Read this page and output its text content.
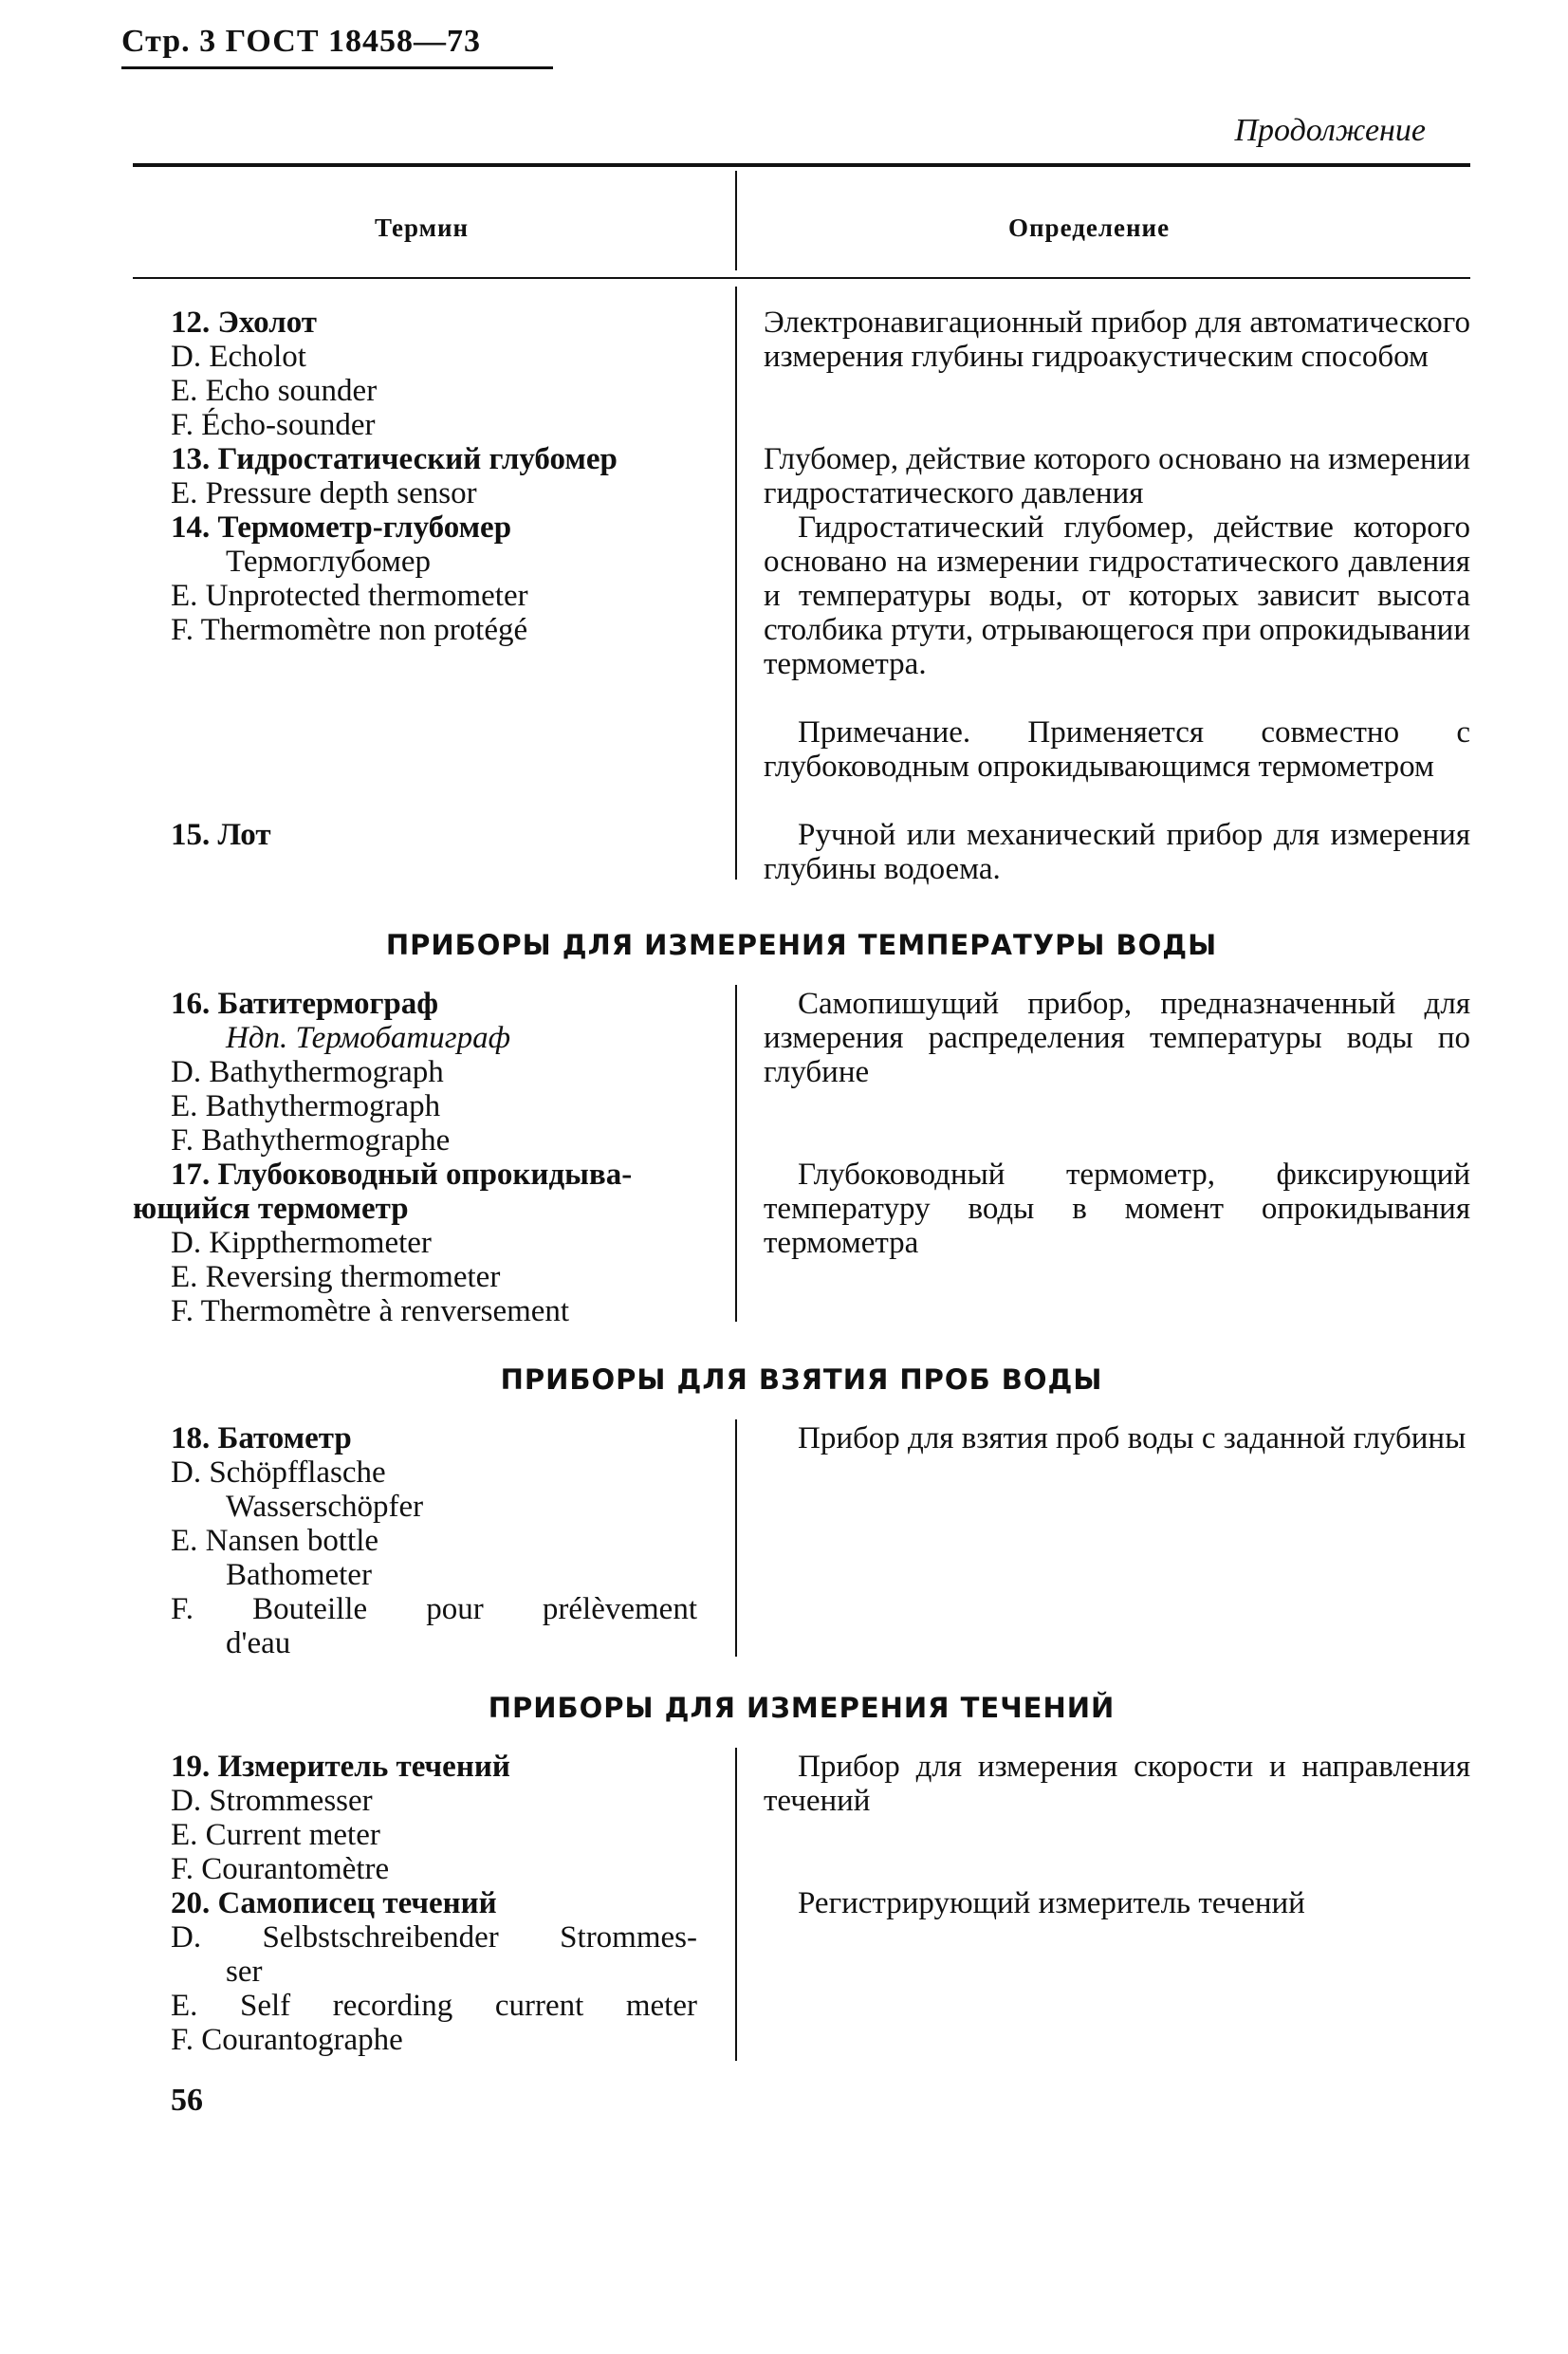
Стр. 3 ГОСТ 18458—73
Продолжение
Термин	Определение
12. Эхолот
D. Echolot
E. Echo sounder
F. Écho-sounder
13. Гидростатический глубомер
E. Pressure depth sensor
14. Термометр-глубомер
Термоглубомер
E. Unprotected thermometer
F. Thermomètre non protégé
15. Лот

Электронавигационный прибор для автоматического измерения глубины гидроакустическим способом

Глубомер, действие которого основано на измерении гидростатического давления

Гидростатический глубомер, действие которого основано на измерении гидростатического давления и температуры воды, от которых зависит высота столбика ртути, отрывающегося при опрокидывании термометра.

Примечание. Применяется совместно с глубоководным опрокидывающимся термометром

Ручной или механический прибор для измерения глубины водоема.

ПРИБОРЫ ДЛЯ ИЗМЕРЕНИЯ ТЕМПЕРАТУРЫ ВОДЫ
16. Батитермограф
Ндп. Термобатиграф
D. Bathythermograph
E. Bathythermograph
F. Bathythermographe
17. Глубоководный опрокидыва-
ющийся термометр
D. Kippthermometer
E. Reversing thermometer
F. Thermomètre à renversement

Самопишущий прибор, предназначенный для измерения распределения температуры воды по глубине

Глубоководный термометр, фиксирующий температуру воды в момент опрокидывания термометра

ПРИБОРЫ ДЛЯ ВЗЯТИЯ ПРОБ ВОДЫ
18. Батометр
D. Schöpfflasche
Wasserschöpfer
E. Nansen bottle
Bathometer
F. Bouteille pour prélèvement
d'eau

Прибор для взятия проб воды с заданной глубины

ПРИБОРЫ ДЛЯ ИЗМЕРЕНИЯ ТЕЧЕНИЙ
19. Измеритель течений
D. Strommesser
E. Current meter
F. Courantomètre
20. Самописец течений
D. Selbstschreibender Strommes-
ser
E. Self recording current meter
F. Courantographe

Прибор для измерения скорости и направления течений

Регистрирующий измеритель течений

56
